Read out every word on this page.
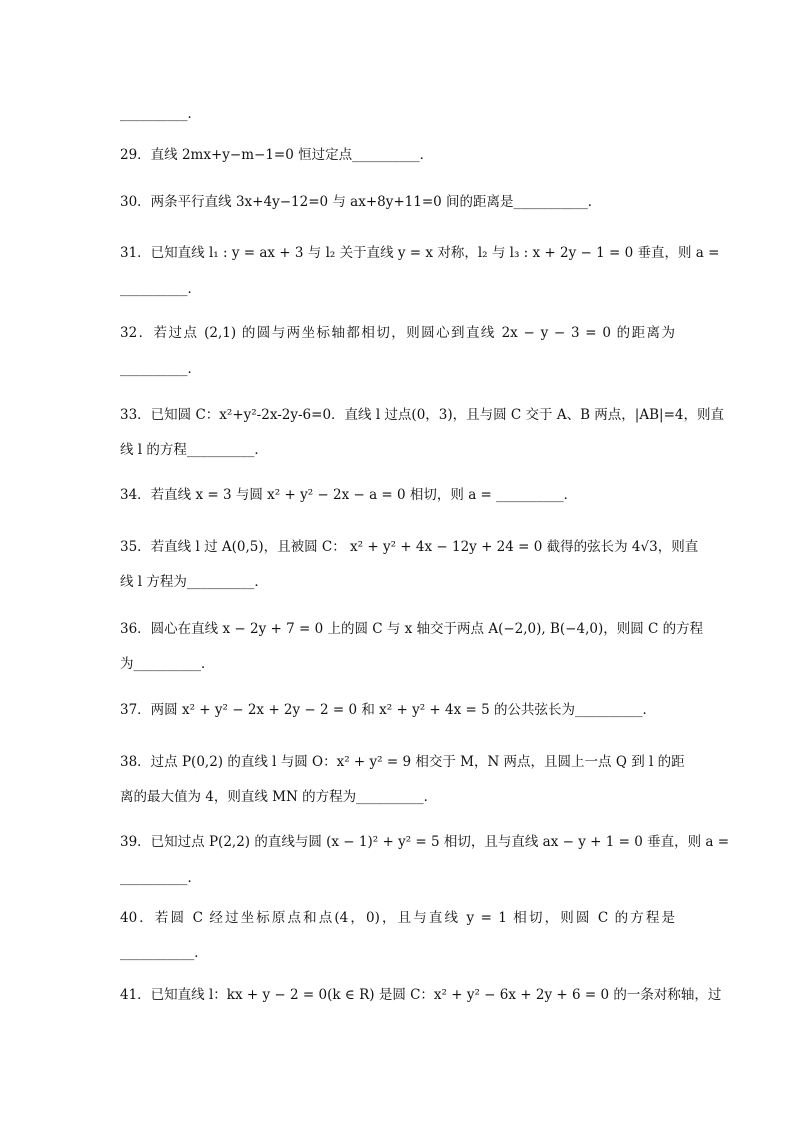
__________．
29．直线 2mx+y−m−1=0 恒过定点__________．
30．两条平行直线 3x+4y−12=0 与 ax+8y+11=0 间的距离是___________．
31．已知直线 l₁ : y = ax + 3 与 l₂ 关于直线 y = x 对称，l₂ 与 l₃ : x + 2y − 1 = 0 垂直，则 a =
__________．
32．若过点 (2,1) 的圆与两坐标轴都相切，则圆心到直线 2x − y − 3 = 0 的距离为
__________．
33．已知圆 C：x²+y²-2x-2y-6=0．直线 l 过点(0，3)，且与圆 C 交于 A、B 两点，|AB|=4，则直
线 l 的方程__________．
34．若直线 x = 3 与圆 x² + y² − 2x − a = 0 相切，则 a = __________．
35．若直线 l 过 A(0,5)，且被圆 C： x² + y² + 4x − 12y + 24 = 0 截得的弦长为 4√3，则直
线 l 方程为__________．
36．圆心在直线 x − 2y + 7 = 0 上的圆 C 与 x 轴交于两点 A(−2,0), B(−4,0)，则圆 C 的方程
为__________．
37．两圆 x² + y² − 2x + 2y − 2 = 0 和 x² + y² + 4x = 5 的公共弦长为__________．
38．过点 P(0,2) 的直线 l 与圆 O：x² + y² = 9 相交于 M，N 两点，且圆上一点 Q 到 l 的距
离的最大值为 4，则直线 MN 的方程为__________．
39．已知过点 P(2,2) 的直线与圆 (x − 1)² + y² = 5 相切，且与直线 ax − y + 1 = 0 垂直，则 a =
__________．
40．若圆 C 经过坐标原点和点(4，0)，且与直线 y = 1 相切，则圆 C 的方程是
___________．
41．已知直线 l：kx + y − 2 = 0(k ∈ R) 是圆 C：x² + y² − 6x + 2y + 6 = 0 的一条对称轴，过
